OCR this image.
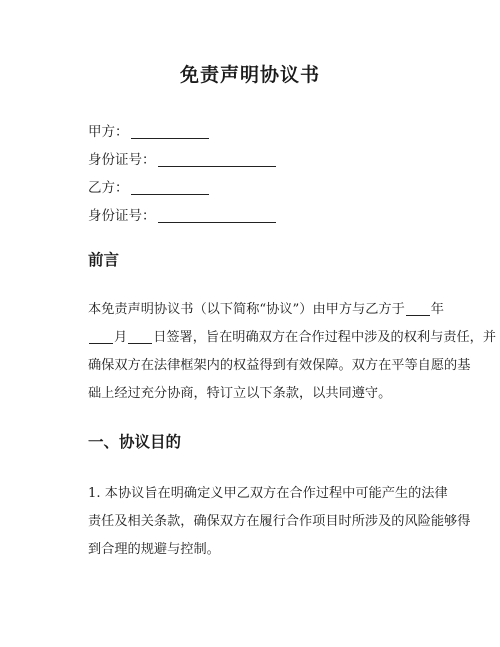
免责声明协议书
甲方：
身份证号：
乙方：
身份证号：
前言
本免责声明协议书（以下简称“协议”）由甲方与乙方于 年
月 日签署，旨在明确双方在合作过程中涉及的权利与责任，并
确保双方在法律框架内的权益得到有效保障。双方在平等自愿的基
础上经过充分协商，特订立以下条款，以共同遵守。
一、协议目的
1. 本协议旨在明确定义甲乙双方在合作过程中可能产生的法律
责任及相关条款，确保双方在履行合作项目时所涉及的风险能够得
到合理的规避与控制。
